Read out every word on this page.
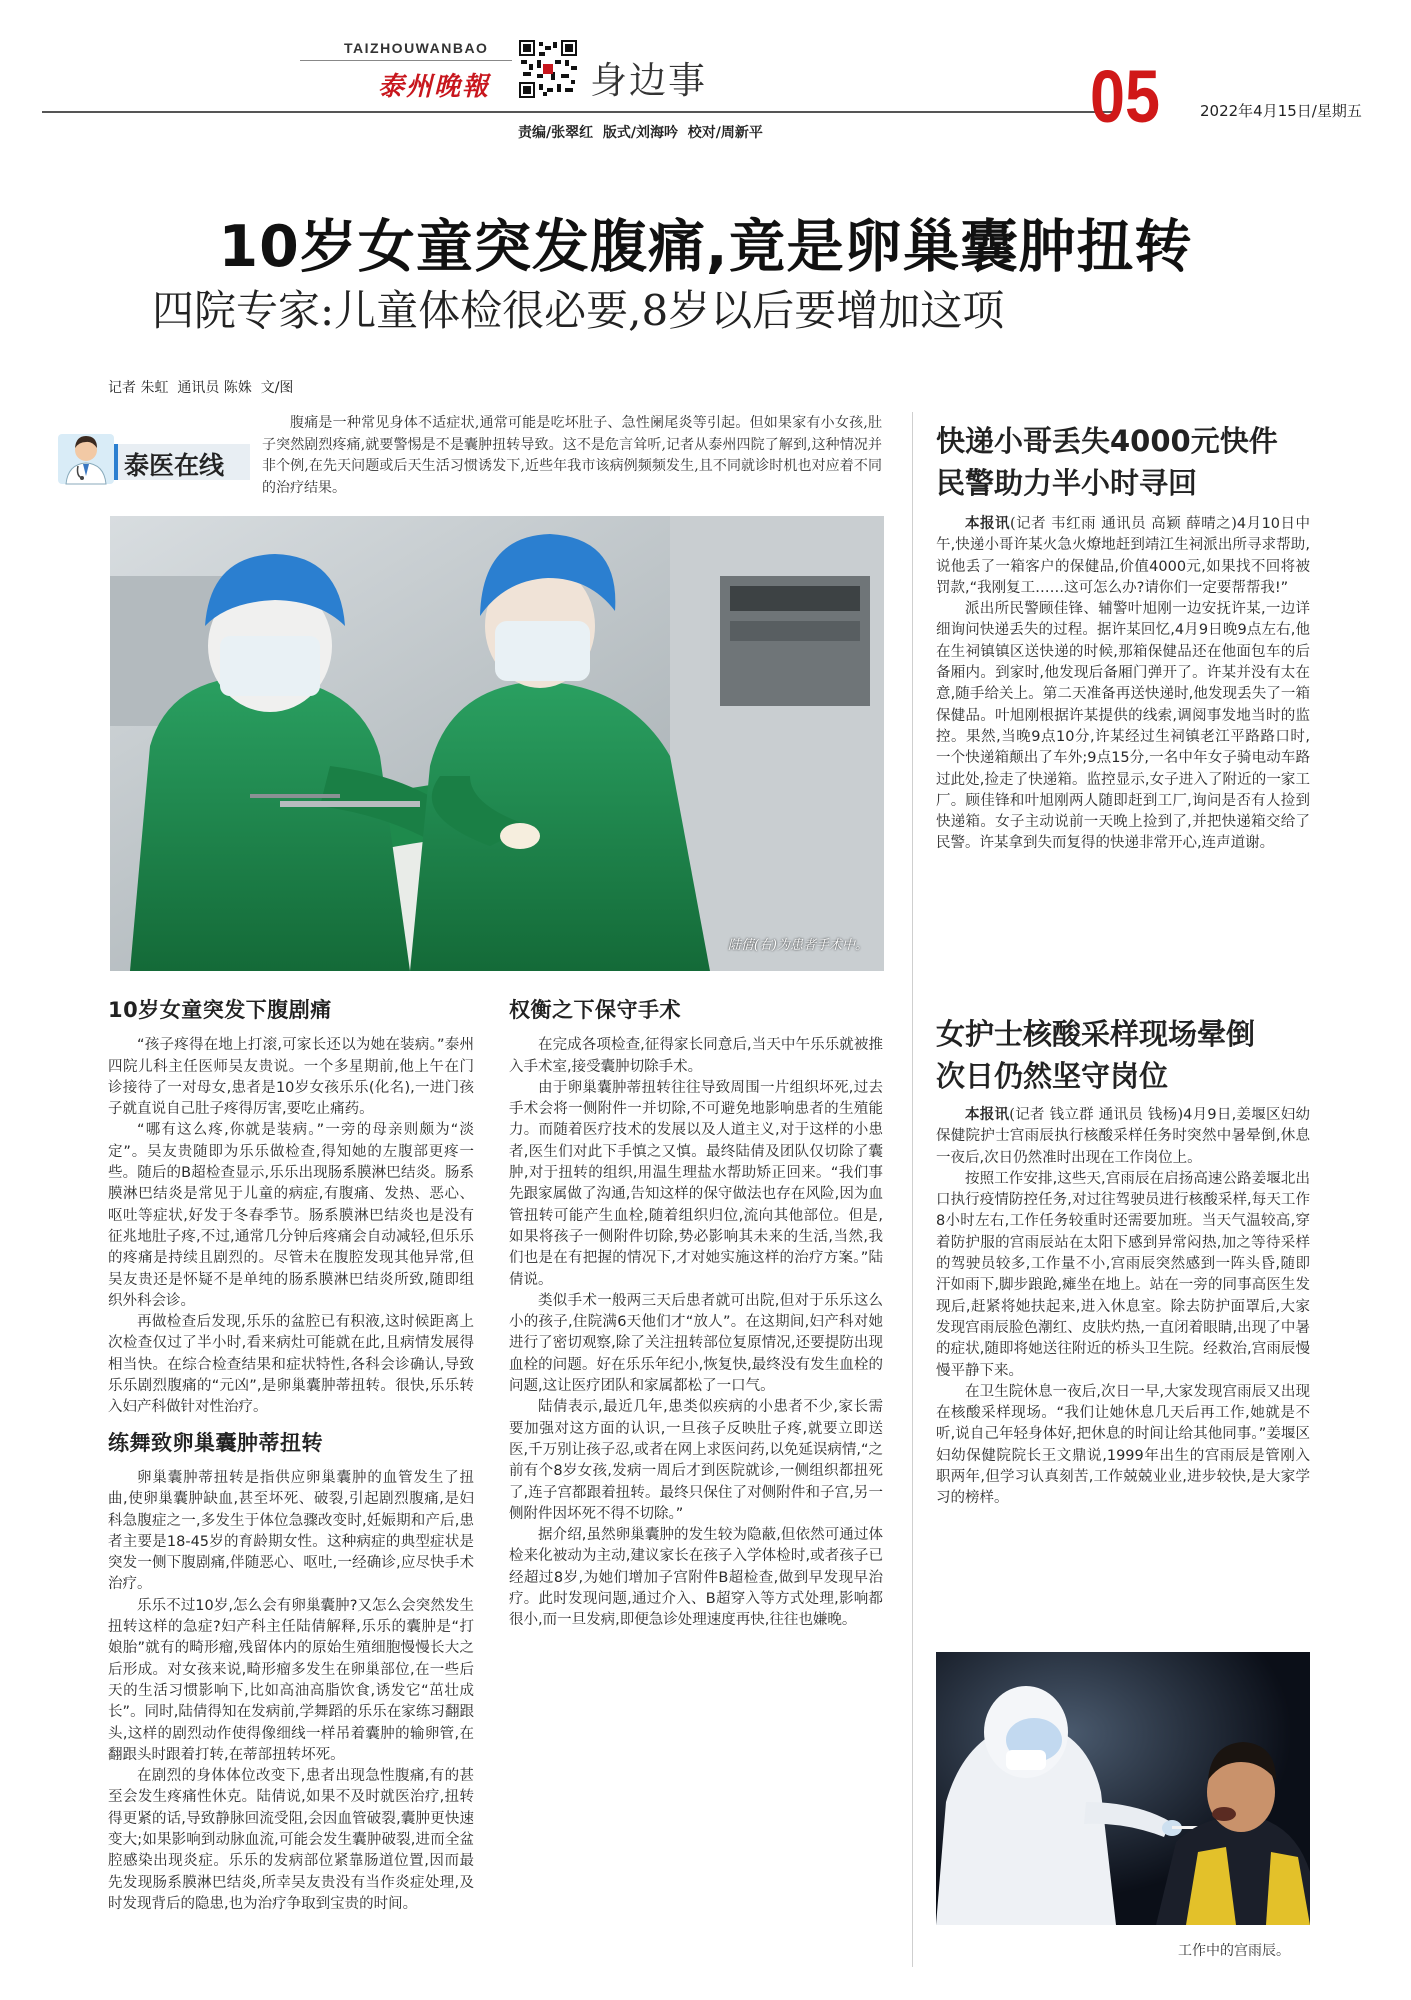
TAIZHOUWANBAO
泰州晚報	身边事	05	2022年4月15日/星期五
责编/张翠红  版式/刘海吟  校对/周新平
10岁女童突发腹痛,竟是卵巢囊肿扭转
四院专家:儿童体检很必要,8岁以后要增加这项
记者 朱虹  通讯员 陈姝  文/图
泰医在线
腹痛是一种常见身体不适症状,通常可能是吃坏肚子、急性阑尾炎等引起。但如果家有小女孩,肚子突然剧烈疼痛,就要警惕是不是囊肿扭转导致。这不是危言耸听,记者从泰州四院了解到,这种情况并非个例,在先天问题或后天生活习惯诱发下,近些年我市该病例频频发生,且不同就诊时机也对应着不同的治疗结果。
陆倩(右)为患者手术中。
10岁女童突发下腹剧痛

“孩子疼得在地上打滚,可家长还以为她在装病。”泰州四院儿科主任医师吴友贵说。一个多星期前,他上午在门诊接待了一对母女,患者是10岁女孩乐乐(化名),一进门孩子就直说自己肚子疼得厉害,要吃止痛药。

“哪有这么疼,你就是装病。”一旁的母亲则颇为“淡定”。吴友贵随即为乐乐做检查,得知她的左腹部更疼一些。随后的B超检查显示,乐乐出现肠系膜淋巴结炎。肠系膜淋巴结炎是常见于儿童的病症,有腹痛、发热、恶心、呕吐等症状,好发于冬春季节。肠系膜淋巴结炎也是没有征兆地肚子疼,不过,通常几分钟后疼痛会自动减轻,但乐乐的疼痛是持续且剧烈的。尽管未在腹腔发现其他异常,但吴友贵还是怀疑不是单纯的肠系膜淋巴结炎所致,随即组织外科会诊。

再做检查后发现,乐乐的盆腔已有积液,这时候距离上次检查仅过了半小时,看来病灶可能就在此,且病情发展得相当快。在综合检查结果和症状特性,各科会诊确认,导致乐乐剧烈腹痛的“元凶”,是卵巢囊肿蒂扭转。很快,乐乐转入妇产科做针对性治疗。

练舞致卵巢囊肿蒂扭转

卵巢囊肿蒂扭转是指供应卵巢囊肿的血管发生了扭曲,使卵巢囊肿缺血,甚至坏死、破裂,引起剧烈腹痛,是妇科急腹症之一,多发生于体位急骤改变时,妊娠期和产后,患者主要是18-45岁的育龄期女性。这种病症的典型症状是突发一侧下腹剧痛,伴随恶心、呕吐,一经确诊,应尽快手术治疗。

乐乐不过10岁,怎么会有卵巢囊肿?又怎么会突然发生扭转这样的急症?妇产科主任陆倩解释,乐乐的囊肿是“打娘胎”就有的畸形瘤,残留体内的原始生殖细胞慢慢长大之后形成。对女孩来说,畸形瘤多发生在卵巢部位,在一些后天的生活习惯影响下,比如高油高脂饮食,诱发它“茁壮成长”。同时,陆倩得知在发病前,学舞蹈的乐乐在家练习翻跟头,这样的剧烈动作使得像细线一样吊着囊肿的输卵管,在翻跟头时跟着打转,在蒂部扭转坏死。

在剧烈的身体体位改变下,患者出现急性腹痛,有的甚至会发生疼痛性休克。陆倩说,如果不及时就医治疗,扭转得更紧的话,导致静脉回流受阻,会因血管破裂,囊肿更快速变大;如果影响到动脉血流,可能会发生囊肿破裂,进而全盆腔感染出现炎症。乐乐的发病部位紧靠肠道位置,因而最先发现肠系膜淋巴结炎,所幸吴友贵没有当作炎症处理,及时发现背后的隐患,也为治疗争取到宝贵的时间。

权衡之下保守手术

在完成各项检查,征得家长同意后,当天中午乐乐就被推入手术室,接受囊肿切除手术。

由于卵巢囊肿蒂扭转往往导致周围一片组织坏死,过去手术会将一侧附件一并切除,不可避免地影响患者的生殖能力。而随着医疗技术的发展以及人道主义,对于这样的小患者,医生们对此下手慎之又慎。最终陆倩及团队仅切除了囊肿,对于扭转的组织,用温生理盐水帮助矫正回来。“我们事先跟家属做了沟通,告知这样的保守做法也存在风险,因为血管扭转可能产生血栓,随着组织归位,流向其他部位。但是,如果将孩子一侧附件切除,势必影响其未来的生活,当然,我们也是在有把握的情况下,才对她实施这样的治疗方案。”陆倩说。

类似手术一般两三天后患者就可出院,但对于乐乐这么小的孩子,住院满6天他们才“放人”。在这期间,妇产科对她进行了密切观察,除了关注扭转部位复原情况,还要提防出现血栓的问题。好在乐乐年纪小,恢复快,最终没有发生血栓的问题,这让医疗团队和家属都松了一口气。

陆倩表示,最近几年,患类似疾病的小患者不少,家长需要加强对这方面的认识,一旦孩子反映肚子疼,就要立即送医,千万别让孩子忍,或者在网上求医问药,以免延误病情,“之前有个8岁女孩,发病一周后才到医院就诊,一侧组织都扭死了,连子宫都跟着扭转。最终只保住了对侧附件和子宫,另一侧附件因坏死不得不切除。”

据介绍,虽然卵巢囊肿的发生较为隐蔽,但依然可通过体检来化被动为主动,建议家长在孩子入学体检时,或者孩子已经超过8岁,为她们增加子宫附件B超检查,做到早发现早治疗。此时发现问题,通过介入、B超穿入等方式处理,影响都很小,而一旦发病,即便急诊处理速度再快,往往也嫌晚。

快递小哥丢失4000元快件
民警助力半小时寻回

本报讯(记者 韦红雨 通讯员 高颖 薛晴之)4月10日中午,快递小哥许某火急火燎地赶到靖江生祠派出所寻求帮助,说他丢了一箱客户的保健品,价值4000元,如果找不回将被罚款,“我刚复工……这可怎么办?请你们一定要帮帮我!”

派出所民警顾佳锋、辅警叶旭刚一边安抚许某,一边详细询问快递丢失的过程。据许某回忆,4月9日晚9点左右,他在生祠镇镇区送快递的时候,那箱保健品还在他面包车的后备厢内。到家时,他发现后备厢门弹开了。许某并没有太在意,随手给关上。第二天准备再送快递时,他发现丢失了一箱保健品。叶旭刚根据许某提供的线索,调阅事发地当时的监控。果然,当晚9点10分,许某经过生祠镇老江平路路口时,一个快递箱颠出了车外;9点15分,一名中年女子骑电动车路过此处,捡走了快递箱。监控显示,女子进入了附近的一家工厂。顾佳锋和叶旭刚两人随即赶到工厂,询问是否有人捡到快递箱。女子主动说前一天晚上捡到了,并把快递箱交给了民警。许某拿到失而复得的快递非常开心,连声道谢。

女护士核酸采样现场晕倒
次日仍然坚守岗位

本报讯(记者 钱立群 通讯员 钱杨)4月9日,姜堰区妇幼保健院护士宫雨辰执行核酸采样任务时突然中暑晕倒,休息一夜后,次日仍然准时出现在工作岗位上。

按照工作安排,这些天,宫雨辰在启扬高速公路姜堰北出口执行疫情防控任务,对过往驾驶员进行核酸采样,每天工作8小时左右,工作任务较重时还需要加班。当天气温较高,穿着防护服的宫雨辰站在太阳下感到异常闷热,加之等待采样的驾驶员较多,工作量不小,宫雨辰突然感到一阵头昏,随即汗如雨下,脚步踉跄,瘫坐在地上。站在一旁的同事高医生发现后,赶紧将她扶起来,进入休息室。除去防护面罩后,大家发现宫雨辰脸色潮红、皮肤灼热,一直闭着眼睛,出现了中暑的症状,随即将她送往附近的桥头卫生院。经救治,宫雨辰慢慢平静下来。

在卫生院休息一夜后,次日一早,大家发现宫雨辰又出现在核酸采样现场。“我们让她休息几天后再工作,她就是不听,说自己年轻身体好,把休息的时间让给其他同事。”姜堰区妇幼保健院院长王文鼎说,1999年出生的宫雨辰是管刚入职两年,但学习认真刻苦,工作兢兢业业,进步较快,是大家学习的榜样。

工作中的宫雨辰。
